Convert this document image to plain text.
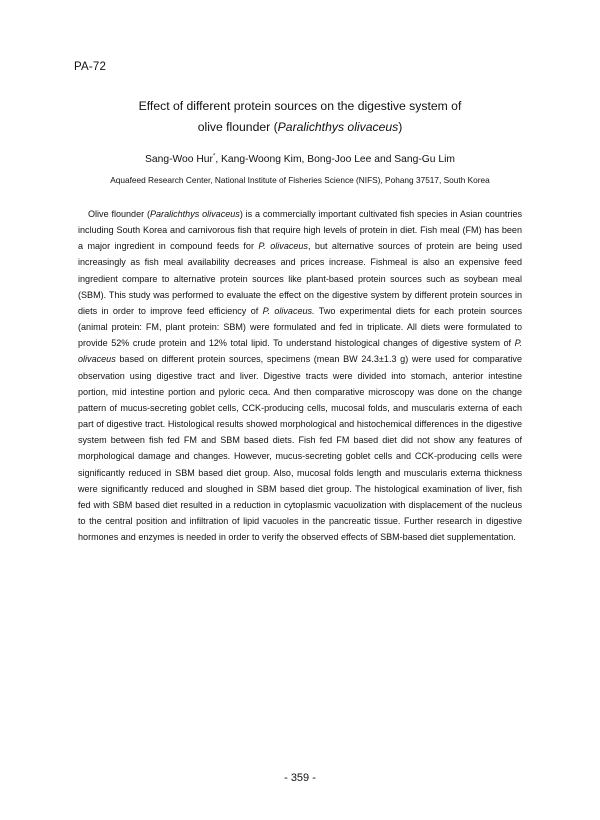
PA-72
Effect of different protein sources on the digestive system of
olive flounder (Paralichthys olivaceus)
Sang-Woo Hur*, Kang-Woong Kim, Bong-Joo Lee and Sang-Gu Lim
Aquafeed Research Center, National Institute of Fisheries Science (NIFS), Pohang 37517, South Korea

Olive flounder (Paralichthys olivaceus) is a commercially important cultivated fish species in Asian countries including South Korea and carnivorous fish that require high levels of protein in diet. Fish meal (FM) has been a major ingredient in compound feeds for P. olivaceus, but alternative sources of protein are being used increasingly as fish meal availability decreases and prices increase. Fishmeal is also an expensive feed ingredient compare to alternative protein sources like plant-based protein sources such as soybean meal (SBM). This study was performed to evaluate the effect on the digestive system by different protein sources in diets in order to improve feed efficiency of P. olivaceus. Two experimental diets for each protein sources (animal protein: FM, plant protein: SBM) were formulated and fed in triplicate. All diets were formulated to provide 52% crude protein and 12% total lipid. To understand histological changes of digestive system of P. olivaceus based on different protein sources, specimens (mean BW 24.3±1.3 g) were used for comparative observation using digestive tract and liver. Digestive tracts were divided into stomach, anterior intestine portion, mid intestine portion and pyloric ceca. And then comparative microscopy was done on the change pattern of mucus-secreting goblet cells, CCK-producing cells, mucosal folds, and muscularis externa of each part of digestive tract. Histological results showed morphological and histochemical differences in the digestive system between fish fed FM and SBM based diets. Fish fed FM based diet did not show any features of morphological damage and changes. However, mucus-secreting goblet cells and CCK-producing cells were significantly reduced in SBM based diet group. Also, mucosal folds length and muscularis externa thickness were significantly reduced and sloughed in SBM based diet group. The histological examination of liver, fish fed with SBM based diet resulted in a reduction in cytoplasmic vacuolization with displacement of the nucleus to the central position and infiltration of lipid vacuoles in the pancreatic tissue. Further research in digestive hormones and enzymes is needed in order to verify the observed effects of SBM-based diet supplementation.

- 359 -
